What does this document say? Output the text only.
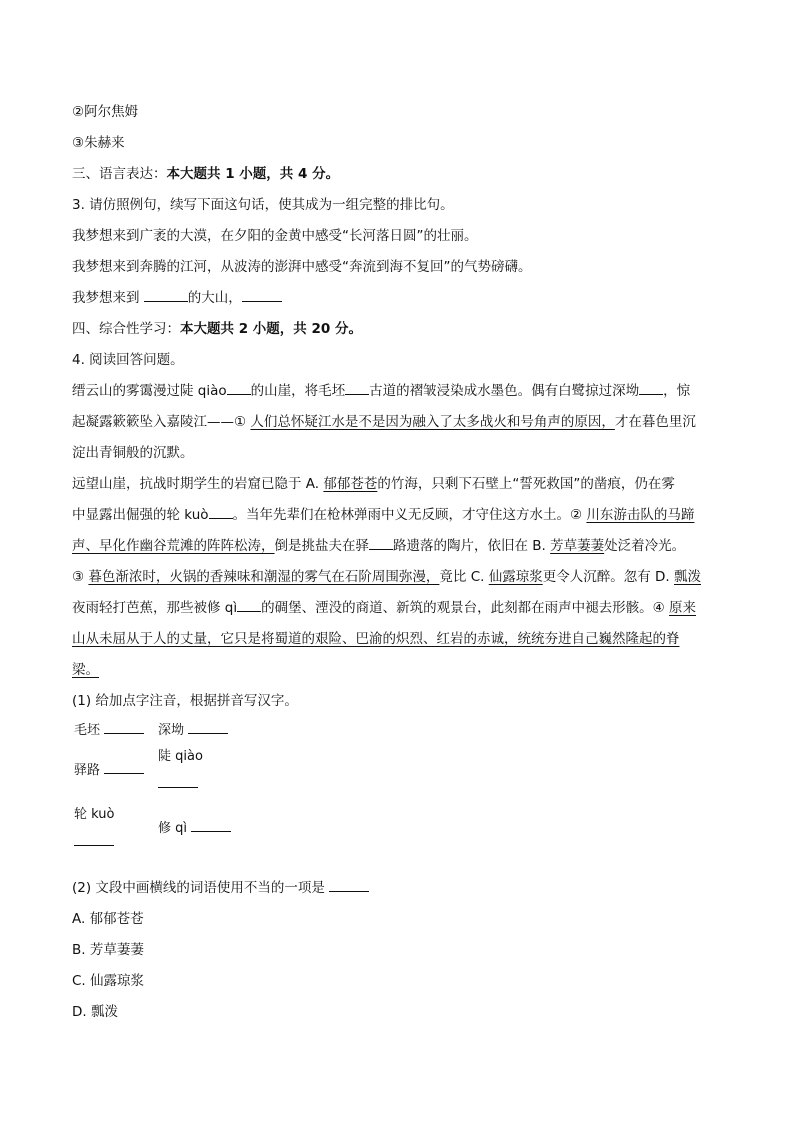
②阿尔焦姆
③朱赫来
三、语言表达：本大题共 1 小题，共 4 分。
3. 请仿照例句，续写下面这句话，使其成为一组完整的排比句。
我梦想来到广袤的大漠，在夕阳的金黄中感受“长河落日圆”的壮丽。
我梦想来到奔腾的江河，从波涛的澎湃中感受“奔流到海不复回”的气势磅礴。
我梦想来到	的大山，
四、综合性学习：本大题共 2 小题，共 20 分。
4. 阅读回答问题。
缙云山的雾霭漫过陡 qiào 的山崖，将毛坯 古道的褶皱浸染成水墨色。偶有白鹭掠过深坳 ，惊
起凝露簌簌坠入嘉陵江——① 人们总怀疑江水是不是因为融入了太多战火和号角声的原因，才在暮色里沉
淀出青铜般的沉默。
远望山崖，抗战时期学生的岩窟已隐于 A. 郁郁苍苍的竹海，只剩下石壁上“誓死救国”的凿痕，仍在雾
中显露出倔强的轮 kuò 。当年先辈们在枪林弹雨中义无反顾，才守住这方水土。② 川东游击队的马蹄
声、早化作幽谷荒滩的阵阵松涛，倒是挑盐夫在驿 路遗落的陶片，依旧在 B. 芳草萋萋处泛着冷光。
③ 暮色渐浓时，火锅的香辣味和潮湿的雾气在石阶周围弥漫，竟比 C. 仙露琼浆更令人沉醉。忽有 D. 瓢泼
夜雨轻打芭蕉，那些被修 qì 的碉堡、湮没的商道、新筑的观景台，此刻都在雨声中褪去形骸。④ 原来
山从未屈从于人的丈量，它只是将蜀道的艰险、巴渝的炽烈、红岩的赤诚，统统夯进自己巍然隆起的脊
梁。
(1) 给加点字注音，根据拼音写汉字。
毛坯	深坳
驿路
陡 qiào
轮 kuò
修 qì
(2) 文段中画横线的词语使用不当的一项是
A. 郁郁苍苍
B. 芳草萋萋
C. 仙露琼浆
D. 瓢泼
